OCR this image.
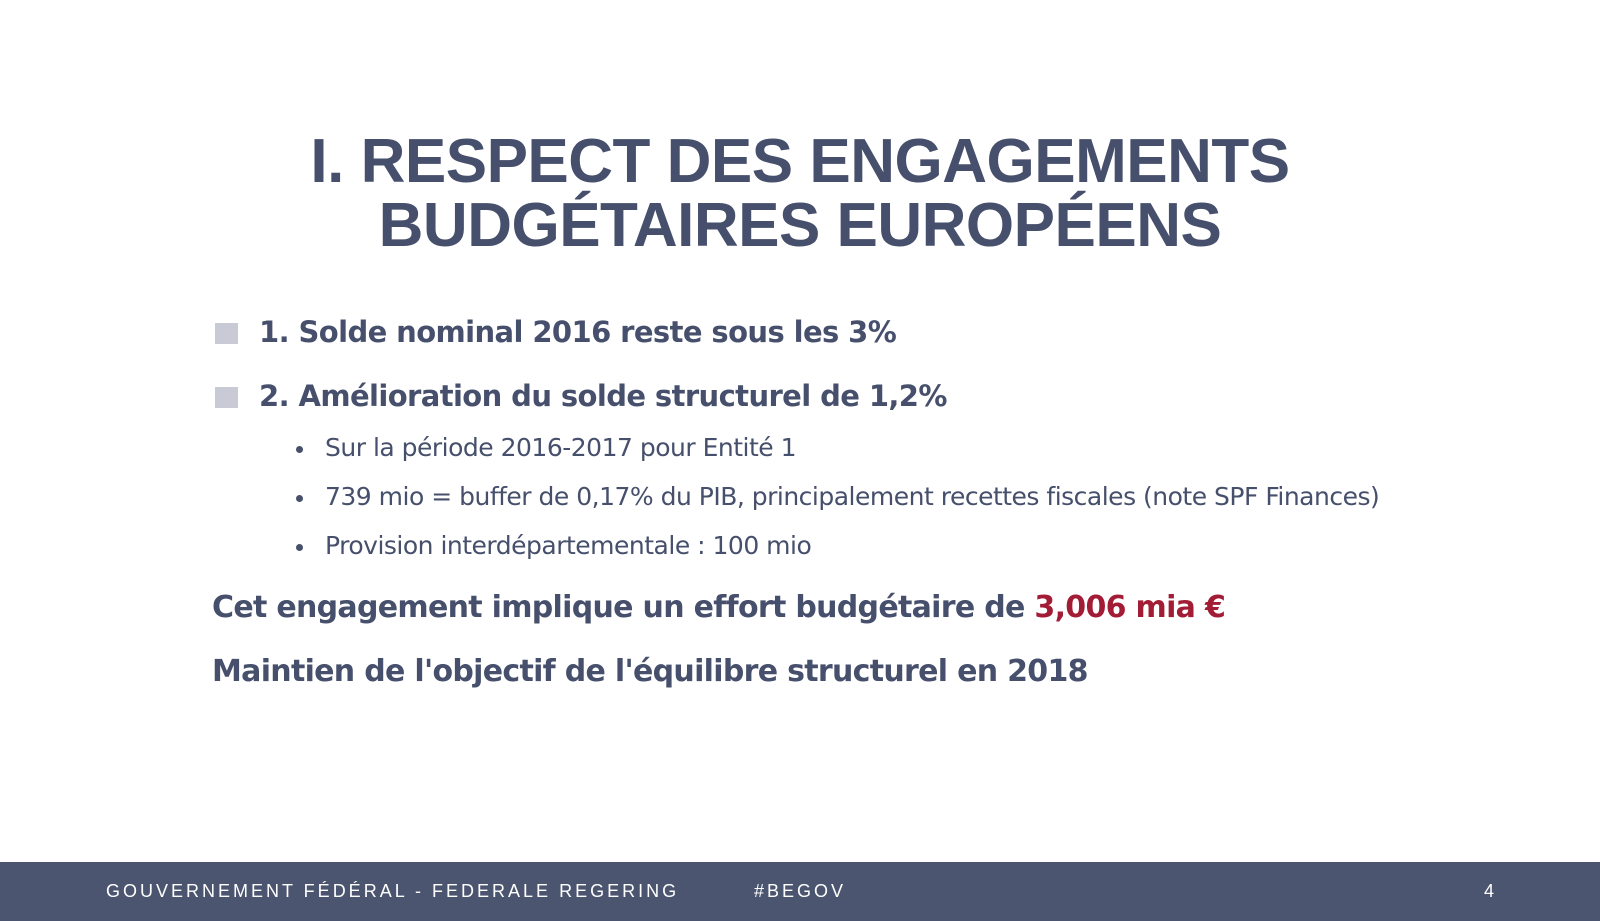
I. RESPECT DES ENGAGEMENTS
BUDGÉTAIRES EUROPÉENS
1. Solde nominal 2016 reste sous les 3%
2. Amélioration du solde structurel de 1,2%
Sur la période 2016-2017 pour Entité 1
739 mio = buffer de 0,17% du PIB, principalement recettes fiscales (note SPF Finances)
Provision interdépartementale : 100 mio
Cet engagement implique un effort budgétaire de 3,006 mia €
Maintien de l'objectif de l'équilibre structurel en 2018
GOUVERNEMENT FÉDÉRAL - FEDERALE REGERING	#BEGOV	4
